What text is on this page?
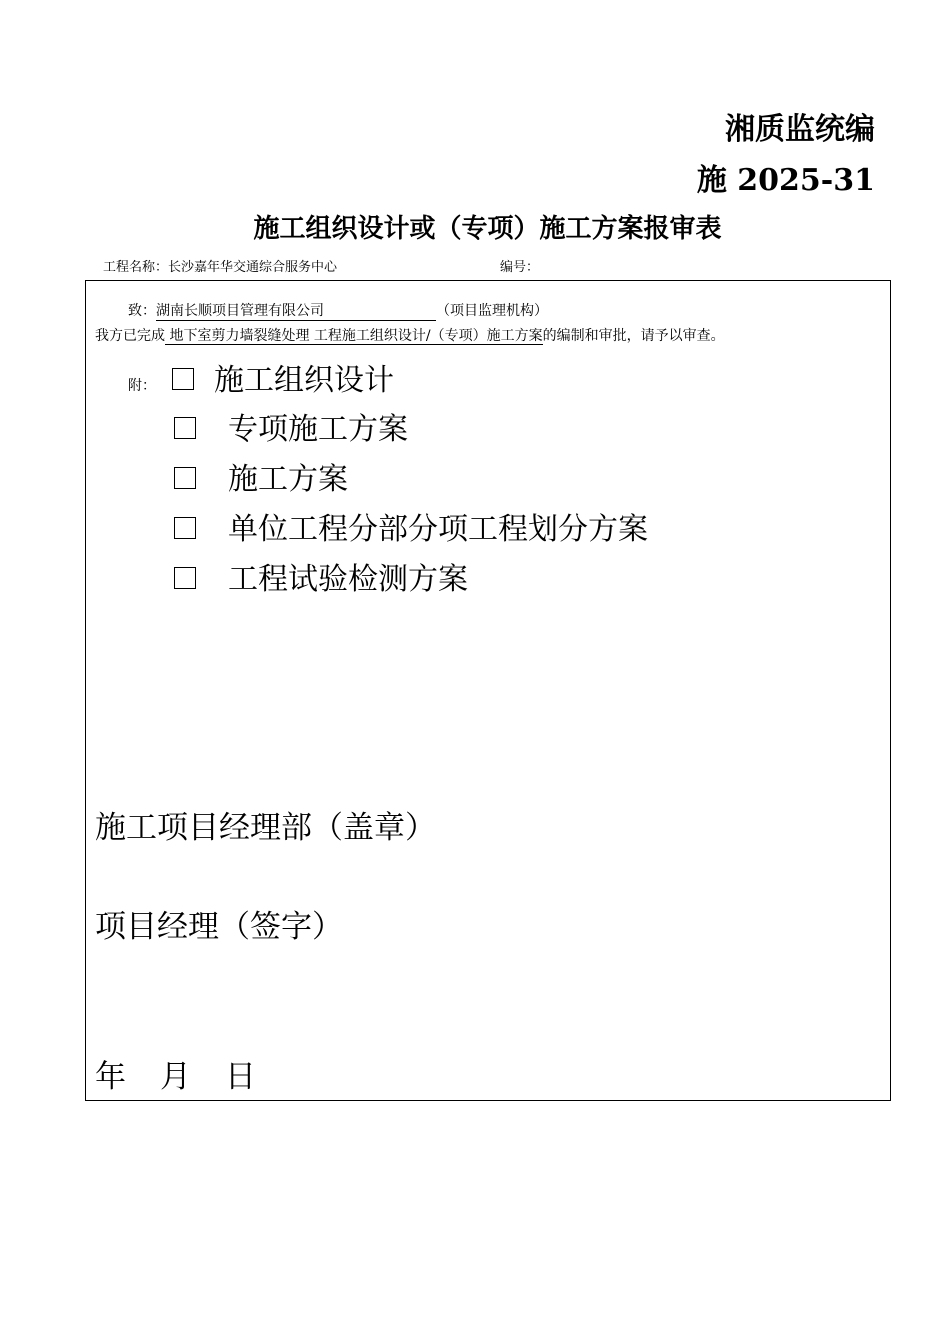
湘质监统编
施 2025-31
施工组织设计或（专项）施工方案报审表
工程名称：长沙嘉年华交通综合服务中心	编号：
致：湖南长顺项目管理有限公司	（项目监理机构）
我方已完成 地下室剪力墙裂缝处理 工程施工组织设计/（专项）施工方案的编制和审批，请予以审查。
附：	施工组织设计
专项施工方案
施工方案
单位工程分部分项工程划分方案
工程试验检测方案
施工项目经理部（盖章）
项目经理（签字）
年 月 日
